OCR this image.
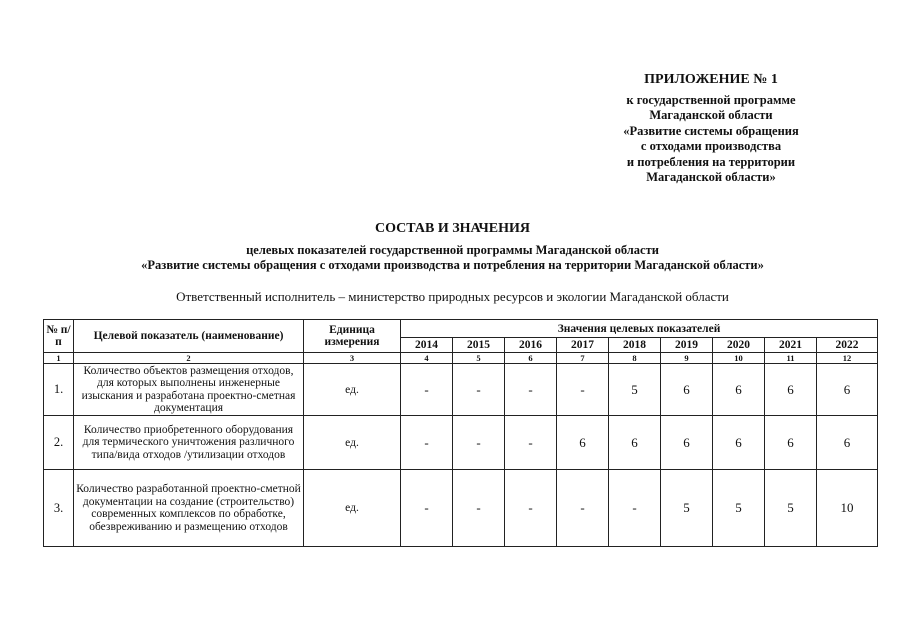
ПРИЛОЖЕНИЕ № 1
к государственной программе
Магаданской области
«Развитие системы обращения
с отходами производства
и потребления на территории
Магаданской области»
СОСТАВ И ЗНАЧЕНИЯ
целевых показателей государственной программы Магаданской области
«Развитие системы обращения с отходами производства и потребления на территории Магаданской области»
Ответственный исполнитель – министерство природных ресурсов и экологии Магаданской области
№ п/п	Целевой показатель (наименование)	Единица измерения	Значения целевых показателей								
			2014	2015	2016	2017	2018	2019	2020	2021	2022
1	2	3	4	5	6	7	8	9	10	11	12
1.	Количество объектов размещения отходов, для которых выполнены инженерные изыскания и разработана проектно-сметная документация	ед.	-	-	-	-	5	6	6	6	6
2.	Количество приобретенного оборудования для термического уничтожения различного типа/вида отходов /утилизации отходов	ед.	-	-	-	6	6	6	6	6	6
3.	Количество разработанной проектно-сметной документации на создание (строительство) современных комплексов по обработке, обезвреживанию и размещению отходов	ед.	-	-	-	-	-	5	5	5	10
